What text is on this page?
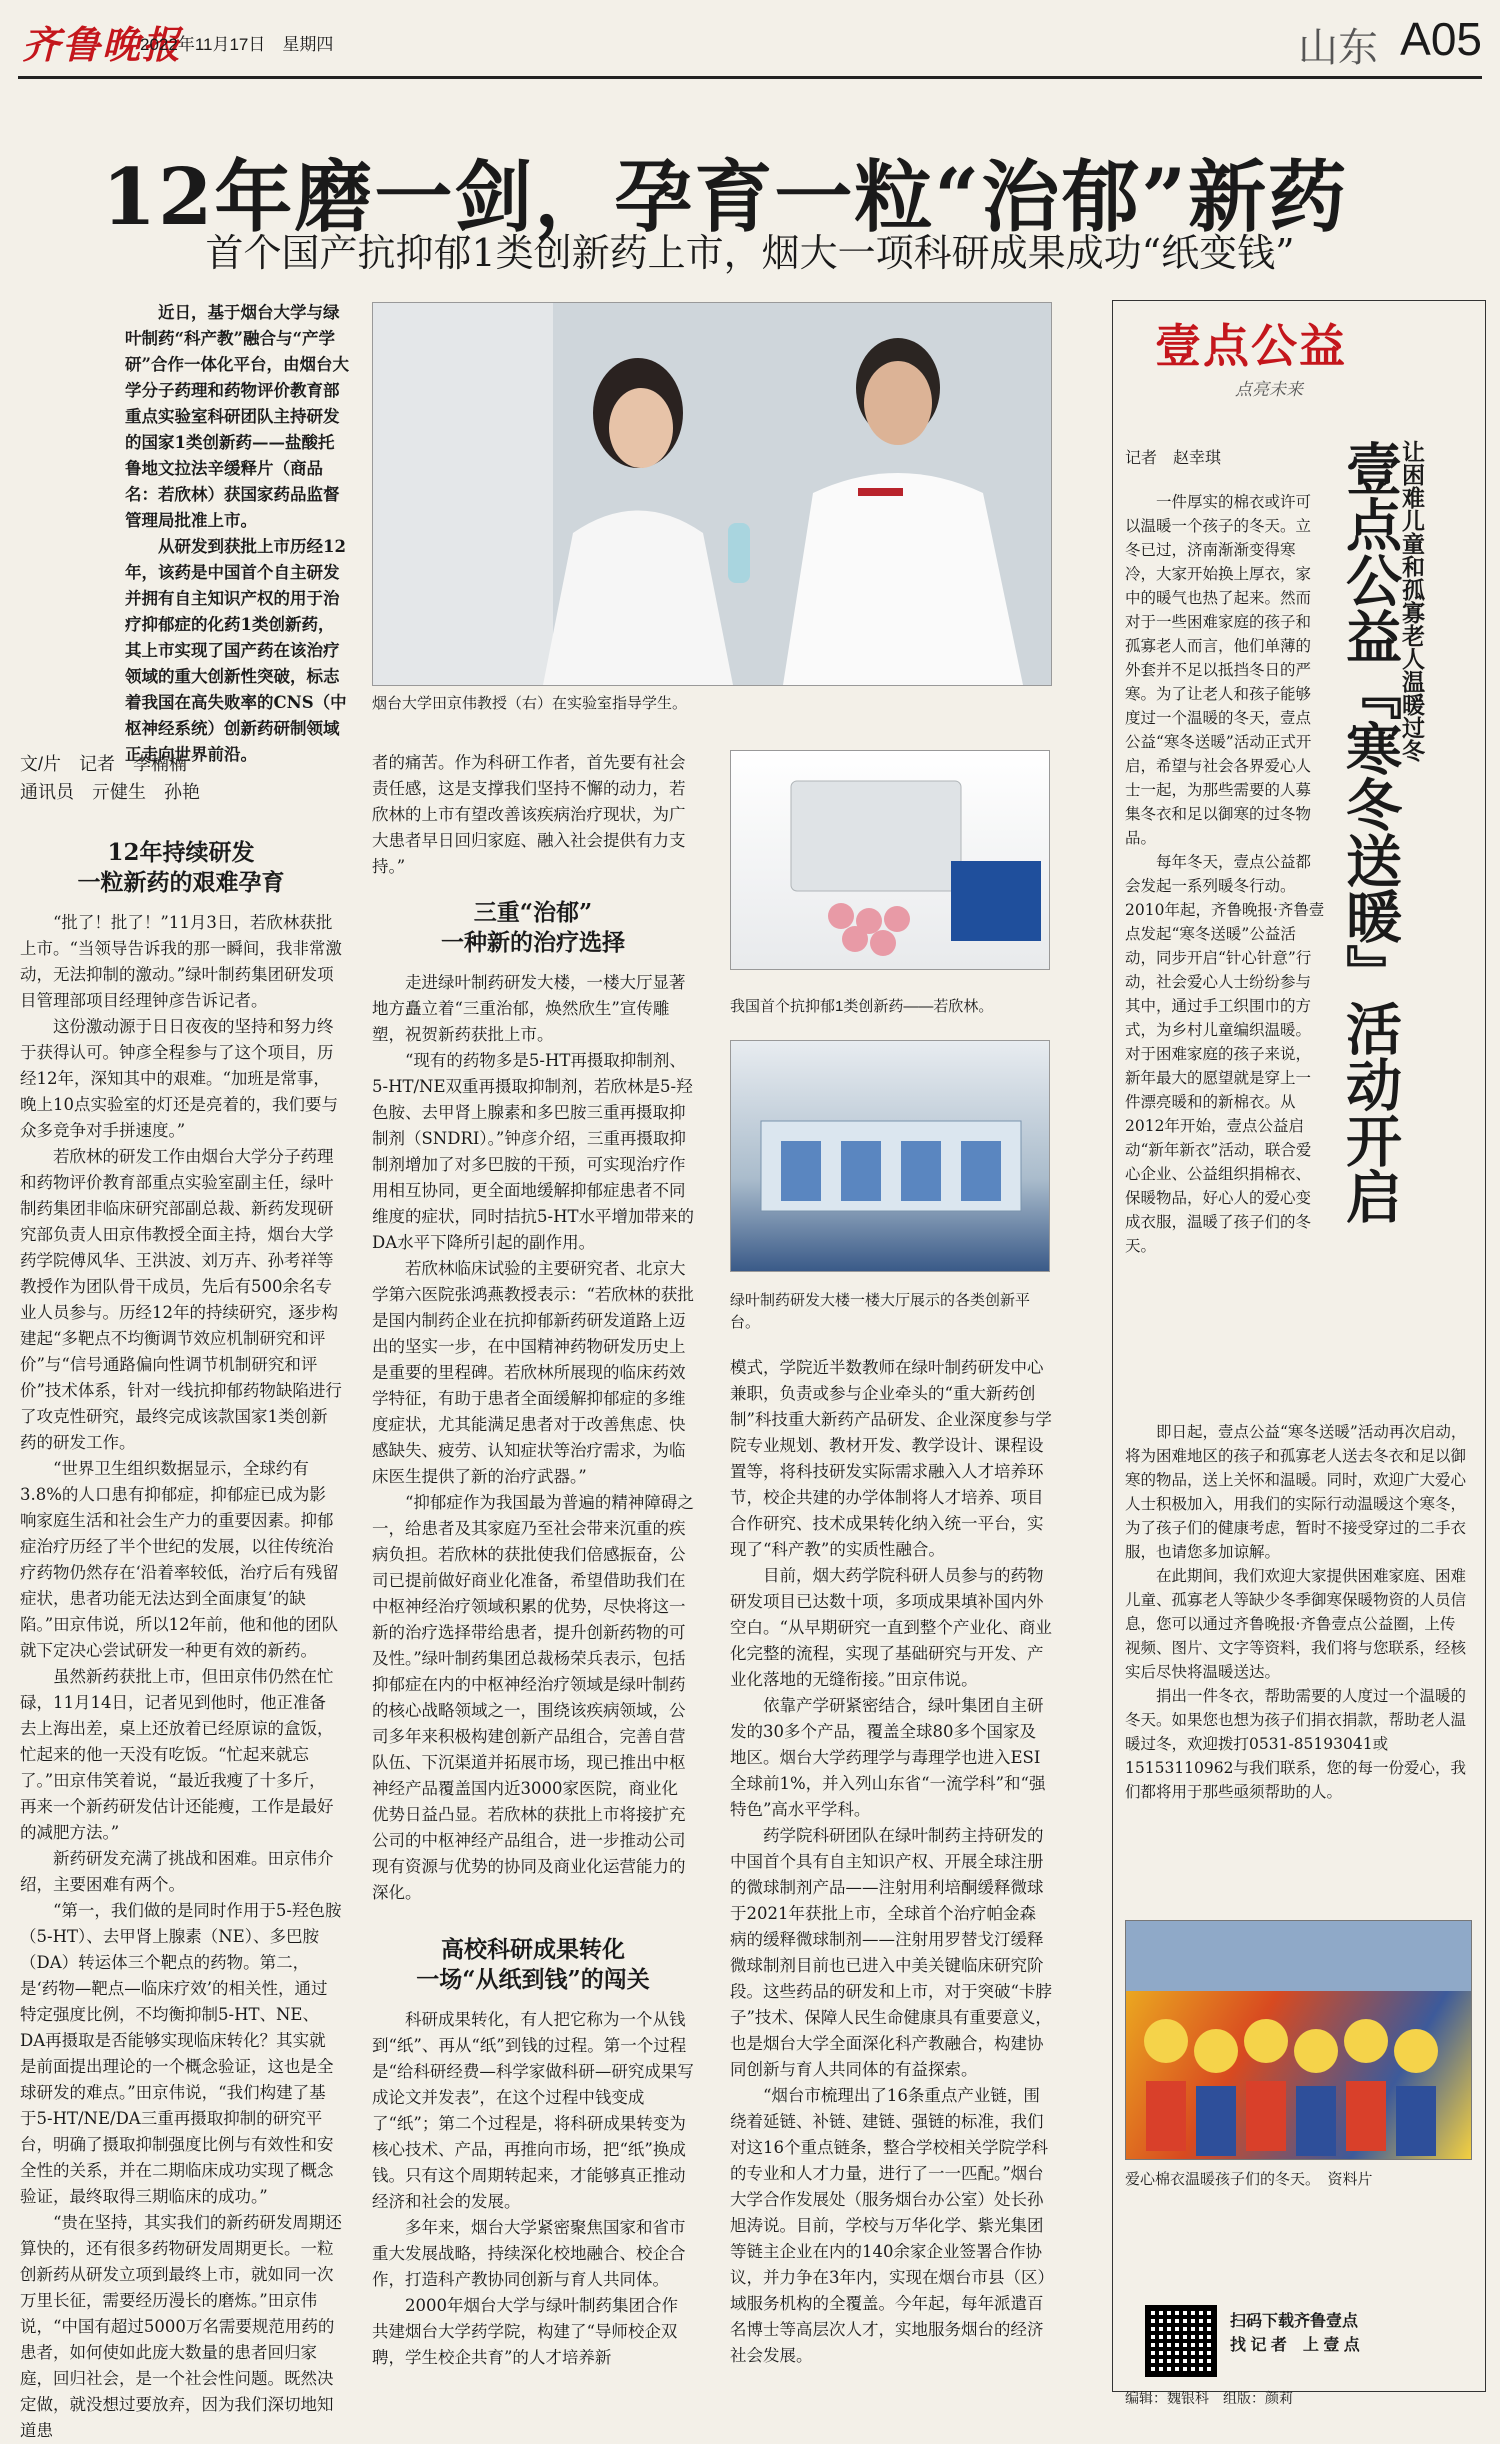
齐鲁晚报
2022年11月17日　星期四	山东 A05
12年磨一剑，孕育一粒“治郁”新药
首个国产抗抑郁1类创新药上市，烟大一项科研成果成功“纸变钱”

近日，基于烟台大学与绿叶制药“科产教”融合与“产学研”合作一体化平台，由烟台大学分子药理和药物评价教育部重点实验室科研团队主持研发的国家1类创新药——盐酸托鲁地文拉法辛缓释片（商品名：若欣林）获国家药品监督管理局批准上市。

从研发到获批上市历经12年，该药是中国首个自主研发并拥有自主知识产权的用于治疗抑郁症的化药1类创新药，其上市实现了国产药在该治疗领域的重大创新性突破，标志着我国在高失败率的CNS（中枢神经系统）创新药研制领域正走向世界前沿。

烟台大学田京伟教授（右）在实验室指导学生。
文/片　记者　李楠楠
通讯员　亓健生　孙艳
12年持续研发
一粒新药的艰难孕育

“批了！批了！”11月3日，若欣林获批上市。“当领导告诉我的那一瞬间，我非常激动，无法抑制的激动。”绿叶制药集团研发项目管理部项目经理钟彦告诉记者。

这份激动源于日日夜夜的坚持和努力终于获得认可。钟彦全程参与了这个项目，历经12年，深知其中的艰难。“加班是常事，晚上10点实验室的灯还是亮着的，我们要与众多竞争对手拼速度。”

若欣林的研发工作由烟台大学分子药理和药物评价教育部重点实验室副主任，绿叶制药集团非临床研究部副总裁、新药发现研究部负责人田京伟教授全面主持，烟台大学药学院傅风华、王洪波、刘万卉、孙考祥等教授作为团队骨干成员，先后有500余名专业人员参与。历经12年的持续研究，逐步构建起“多靶点不均衡调节效应机制研究和评价”与“信号通路偏向性调节机制研究和评价”技术体系，针对一线抗抑郁药物缺陷进行了攻克性研究，最终完成该款国家1类创新药的研发工作。

“世界卫生组织数据显示，全球约有3.8%的人口患有抑郁症，抑郁症已成为影响家庭生活和社会生产力的重要因素。抑郁症治疗历经了半个世纪的发展，以往传统治疗药物仍然存在‘沿着率较低，治疗后有残留症状，患者功能无法达到全面康复’的缺陷。”田京伟说，所以12年前，他和他的团队就下定决心尝试研发一种更有效的新药。

虽然新药获批上市，但田京伟仍然在忙碌，11月14日，记者见到他时，他正准备去上海出差，桌上还放着已经原谅的盒饭，忙起来的他一天没有吃饭。“忙起来就忘了。”田京伟笑着说，“最近我瘦了十多斤，再来一个新药研发估计还能瘦，工作是最好的减肥方法。”

新药研发充满了挑战和困难。田京伟介绍，主要困难有两个。

“第一，我们做的是同时作用于5-羟色胺（5-HT）、去甲肾上腺素（NE）、多巴胺（DA）转运体三个靶点的药物。第二，是‘药物—靶点—临床疗效’的相关性，通过特定强度比例，不均衡抑制5-HT、NE、DA再摄取是否能够实现临床转化？其实就是前面提出理论的一个概念验证，这也是全球研发的难点。”田京伟说，“我们构建了基于5-HT/NE/DA三重再摄取抑制的研究平台，明确了摄取抑制强度比例与有效性和安全性的关系，并在二期临床成功实现了概念验证，最终取得三期临床的成功。”

“贵在坚持，其实我们的新药研发周期还算快的，还有很多药物研发周期更长。一粒创新药从研发立项到最终上市，就如同一次万里长征，需要经历漫长的磨炼。”田京伟说，“中国有超过5000万名需要规范用药的患者，如何使如此庞大数量的患者回归家庭，回归社会，是一个社会性问题。既然决定做，就没想过要放弃，因为我们深切地知道患

者的痛苦。作为科研工作者，首先要有社会责任感，这是支撑我们坚持不懈的动力，若欣林的上市有望改善该疾病治疗现状，为广大患者早日回归家庭、融入社会提供有力支持。”

三重“治郁”
一种新的治疗选择

走进绿叶制药研发大楼，一楼大厅显著地方矗立着“三重治郁，焕然欣生”宣传雕塑，祝贺新药获批上市。

“现有的药物多是5-HT再摄取抑制剂、5-HT/NE双重再摄取抑制剂，若欣林是5-羟色胺、去甲肾上腺素和多巴胺三重再摄取抑制剂（SNDRI）。”钟彦介绍，三重再摄取抑制剂增加了对多巴胺的干预，可实现治疗作用相互协同，更全面地缓解抑郁症患者不同维度的症状，同时拮抗5-HT水平增加带来的DA水平下降所引起的副作用。

若欣林临床试验的主要研究者、北京大学第六医院张鸿燕教授表示：“若欣林的获批是国内制药企业在抗抑郁新药研发道路上迈出的坚实一步，在中国精神药物研发历史上是重要的里程碑。若欣林所展现的临床药效学特征，有助于患者全面缓解抑郁症的多维度症状，尤其能满足患者对于改善焦虑、快感缺失、疲劳、认知症状等治疗需求，为临床医生提供了新的治疗武器。”

“抑郁症作为我国最为普遍的精神障碍之一，给患者及其家庭乃至社会带来沉重的疾病负担。若欣林的获批使我们倍感振奋，公司已提前做好商业化准备，希望借助我们在中枢神经治疗领域积累的优势，尽快将这一新的治疗选择带给患者，提升创新药物的可及性。”绿叶制药集团总裁杨荣兵表示，包括抑郁症在内的中枢神经治疗领域是绿叶制药的核心战略领域之一，围绕该疾病领域，公司多年来积极构建创新产品组合，完善自营队伍、下沉渠道并拓展市场，现已推出中枢神经产品覆盖国内近3000家医院，商业化优势日益凸显。若欣林的获批上市将接扩充公司的中枢神经产品组合，进一步推动公司现有资源与优势的协同及商业化运营能力的深化。

高校科研成果转化
一场“从纸到钱”的闯关

科研成果转化，有人把它称为一个从钱到“纸”、再从“纸”到钱的过程。第一个过程是“给科研经费—科学家做科研—研究成果写成论文并发表”，在这个过程中钱变成了“纸”；第二个过程是，将科研成果转变为核心技术、产品，再推向市场，把“纸”换成钱。只有这个周期转起来，才能够真正推动经济和社会的发展。

多年来，烟台大学紧密聚焦国家和省市重大发展战略，持续深化校地融合、校企合作，打造科产教协同创新与育人共同体。

2000年烟台大学与绿叶制药集团合作共建烟台大学药学院，构建了“导师校企双聘，学生校企共育”的人才培养新

我国首个抗抑郁1类创新药——若欣林。
绿叶制药研发大楼一楼大厅展示的各类创新平台。

模式，学院近半数教师在绿叶制药研发中心兼职，负责或参与企业牵头的“重大新药创制”科技重大新药产品研发、企业深度参与学院专业规划、教材开发、教学设计、课程设置等，将科技研发实际需求融入人才培养环节，校企共建的办学体制将人才培养、项目合作研究、技术成果转化纳入统一平台，实现了“科产教”的实质性融合。

目前，烟大药学院科研人员参与的药物研发项目已达数十项，多项成果填补国内外空白。“从早期研究一直到整个产业化、商业化完整的流程，实现了基础研究与开发、产业化落地的无缝衔接。”田京伟说。

依靠产学研紧密结合，绿叶集团自主研发的30多个产品，覆盖全球80多个国家及地区。烟台大学药理学与毒理学也进入ESI全球前1%，并入列山东省“一流学科”和“强特色”高水平学科。

药学院科研团队在绿叶制药主持研发的中国首个具有自主知识产权、开展全球注册的微球制剂产品——注射用利培酮缓释微球于2021年获批上市，全球首个治疗帕金森病的缓释微球制剂——注射用罗替戈汀缓释微球制剂目前也已进入中美关键临床研究阶段。这些药品的研发和上市，对于突破“卡脖子”技术、保障人民生命健康具有重要意义，也是烟台大学全面深化科产教融合，构建协同创新与育人共同体的有益探索。

“烟台市梳理出了16条重点产业链，围绕着延链、补链、建链、强链的标准，我们对这16个重点链条，整合学校相关学院学科的专业和人才力量，进行了一一匹配。”烟台大学合作发展处（服务烟台办公室）处长孙旭涛说。目前，学校与万华化学、紫光集团等链主企业在内的140余家企业签署合作协议，并力争在3年内，实现在烟台市县（区）域服务机构的全覆盖。今年起，每年派遣百名博士等高层次人才，实地服务烟台的经济社会发展。

壹点公益
点亮未来
记者　赵幸琪	让困难儿童和孤寡老人温暖过冬
壹点公益『寒冬送暖』活动开启

一件厚实的棉衣或许可以温暖一个孩子的冬天。立冬已过，济南渐渐变得寒冷，大家开始换上厚衣，家中的暖气也热了起来。然而对于一些困难家庭的孩子和孤寡老人而言，他们单薄的外套并不足以抵挡冬日的严寒。为了让老人和孩子能够度过一个温暖的冬天，壹点公益“寒冬送暖”活动正式开启，希望与社会各界爱心人士一起，为那些需要的人募集冬衣和足以御寒的过冬物品。

每年冬天，壹点公益都会发起一系列暖冬行动。2010年起，齐鲁晚报·齐鲁壹点发起“寒冬送暖”公益活动，同步开启“针心针意”行动，社会爱心人士纷纷参与其中，通过手工织围巾的方式，为乡村儿童编织温暖。对于困难家庭的孩子来说，新年最大的愿望就是穿上一件漂亮暖和的新棉衣。从2012年开始，壹点公益启动“新年新衣”活动，联合爱心企业、公益组织捐棉衣、保暖物品，好心人的爱心变成衣服，温暖了孩子们的冬天。

即日起，壹点公益“寒冬送暖”活动再次启动，将为困难地区的孩子和孤寡老人送去冬衣和足以御寒的物品，送上关怀和温暖。同时，欢迎广大爱心人士积极加入，用我们的实际行动温暖这个寒冬，为了孩子们的健康考虑，暂时不接受穿过的二手衣服，也请您多加谅解。

在此期间，我们欢迎大家提供困难家庭、困难儿童、孤寡老人等缺少冬季御寒保暖物资的人员信息，您可以通过齐鲁晚报·齐鲁壹点公益圈，上传视频、图片、文字等资料，我们将与您联系，经核实后尽快将温暖送达。

捐出一件冬衣，帮助需要的人度过一个温暖的冬天。如果您也想为孩子们捐衣捐款，帮助老人温暖过冬，欢迎拨打0531-85193041或15153110962与我们联系，您的每一份爱心，我们都将用于那些亟须帮助的人。

爱心棉衣温暖孩子们的冬天。　资料片
扫码下载齐鲁壹点
找 记 者　上 壹 点
编辑：魏银科　组版：颜莉
